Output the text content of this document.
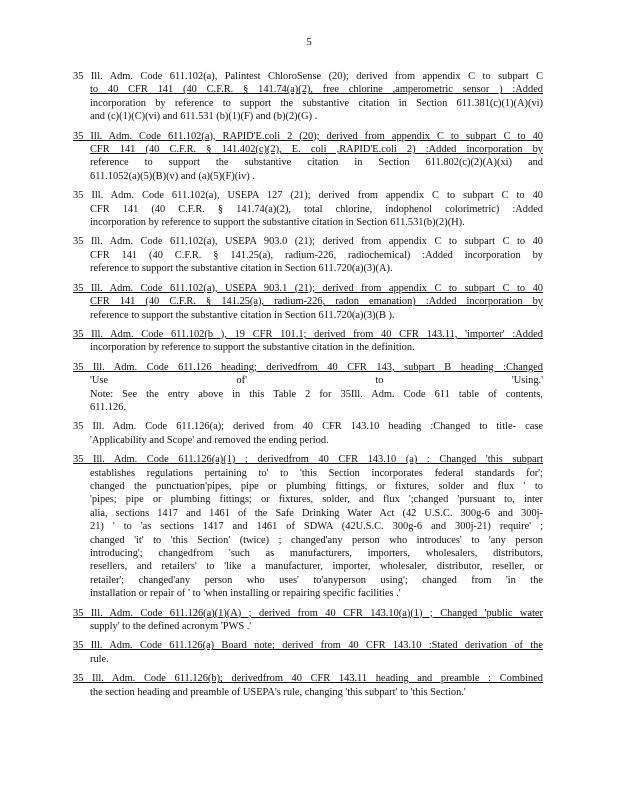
5
35 Ill. Adm. Code 611.102(a), Palintest ChloroSense (20); derived from appendix C to subpart C
to 40 CFR 141 (40 C.F.R. § 141.74(a)(2), free chlorine ,amperometric sensor ) :Added
incorporation by reference to support the substantive citation in Section 611.381(c)(1)(A)(vi)
and (c)(1)(C)(vi) and 611.531 (b)(1)(F) and (b)(2)(G) .
35 Ill. Adm. Code 611.102(a), RAPID'E.coli 2 (20); derived from appendix C to subpart C to 40
CFR 141 (40 C.F.R. § 141.402(c)(2), E. coli ,RAPID'E.coli 2) :Added incorporation by
reference to support the substantive citation in Section 611.802(c)(2)(A)(xi) and
611.1052(a)(5)(B)(v) and (a)(5)(F)(iv) .
35 Ill. Adm. Code 611.102(a), USEPA 127 (21); derived from appendix C to subpart C to 40
CFR 141 (40 C.F.R. § 141.74(a)(2), total chlorine, indophenol colorimetric) :Added
incorporation by reference to support the substantive citation in Section 611.531(b)(2)(H).
35 Ill. Adm. Code 611.102(a), USEPA 903.0 (21); derived from appendix C to subpart C to 40
CFR 141 (40 C.F.R. § 141.25(a), radium-226, radiochemical) :Added incorporation by
reference to support the substantive citation in Section 611.720(a)(3)(A).
35 Ill. Adm. Code 611.102(a), USEPA 903.1 (21); derived from appendix C to subpart C to 40
CFR 141 (40 C.F.R. § 141.25(a), radium-226, radon emanation) :Added incorporation by
reference to support the substantive citation in Section 611.720(a)(3)(B ).
35 Ill. Adm. Code 611.102(b ), 19 CFR 101.1; derived from 40 CFR 143.11, 'importer' :Added
incorporation by reference to support the substantive citation in the definition.
35 Ill. Adm. Code 611.126 heading; derivedfrom 40 CFR 143, subpart B heading :Changed
'Use of' to 'Using.'
Note: See the entry above in this Table 2 for 35Ill. Adm. Code 611 table of contents,
611.126.
35 Ill. Adm. Code 611.126(a); derived from 40 CFR 143.10 heading :Changed to title- case
'Applicability and Scope' and removed the ending period.
35 Ill. Adm. Code 611.126(a)(1) ; derivedfrom 40 CFR 143.10 (a) : Changed 'this subpart
establishes regulations pertaining to' to 'this Section incorporates federal standards for';
changed the punctuation'pipes, pipe or plumbing fittings, or fixtures, solder and flux ' to
'pipes; pipe or plumbing fittings; or fixtures, solder, and flux ';changed 'pursuant to, inter
alia, sections 1417 and 1461 of the Safe Drinking Water Act (42 U.S.C. 300g-6 and 300j-
21) ' to 'as sections 1417 and 1461 of SDWA (42U.S.C. 300g-6 and 300j-21) require' ;
changed 'it' to 'this Section' (twice) ; changed'any person who introduces' to 'any person
introducing'; changedfrom 'such as manufacturers, importers, wholesalers, distributors,
resellers, and retailers' to 'like a manufacturer, importer, wholesaler, distributor, reseller, or
retailer'; changed'any person who uses' to'anyperson using'; changed from 'in the
installation or repair of ' to 'when installing or repairing specific facilities .'
35 Ill. Adm. Code 611.126(a)(1)(A) ; derived from 40 CFR 143.10(a)(1) ; Changed 'public water
supply' to the defined acronym 'PWS .'
35 Ill. Adm. Code 611.126(a) Board note; derived from 40 CFR 143.10 :Stated derivation of the
rule.
35 Ill. Adm. Code 611.126(b); derivedfrom 40 CFR 143.11 heading and preamble : Combined
the section heading and preamble of USEPA's rule, changing 'this subpart' to 'this Section.'
